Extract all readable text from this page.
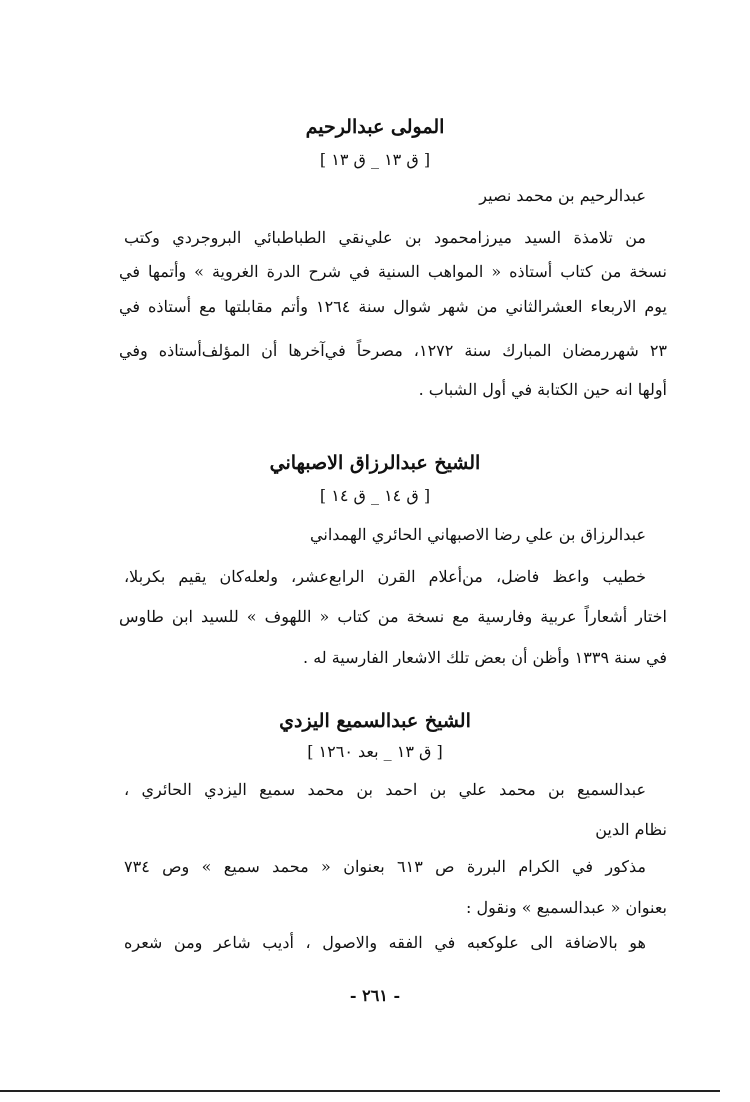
المولى عبدالرحيم
[ ق ١٣ _ ق ١٣ ]
عبدالرحيم بن محمد نصير
من تلامذة السيد ميرزامحمود بن علي‌نقي الطباطبائي البروجردي وكتب
نسخة من كتاب أستاذه « المواهب السنية في شرح الدرة الغروية » وأتمها في
يوم الاربعاء العشرالثاني من شهر شوال سنة ١٢٦٤ وأتم مقابلتها مع أستاذه في
٢٣ شهررمضان المبارك سنة ١٢٧٢، مصرحاً في‌آخرها أن المؤلف‌أستاذه وفي
أولها انه حين الكتابة في أول الشباب .
الشيخ عبدالرزاق الاصبهاني
[ ق ١٤ _ ق ١٤ ]
عبدالرزاق بن علي رضا الاصبهاني الحائري الهمداني
خطيب واعظ فاضل، من‌أعلام القرن الرابع‌عشر، ولعله‌كان يقيم بكربلا،
اختار أشعاراً عربية وفارسية مع نسخة من‌ كتاب « اللهوف » للسيد ابن طاوس
في سنة ١٣٣٩ وأظن أن بعض تلك الاشعار الفارسية له .
الشيخ عبدالسميع اليزدي
[ ق ١٣ _ بعد ١٢٦٠ ]
عبدالسميع بن محمد علي بن احمد بن محمد سميع اليزدي الحائري ،
نظام الدين
مذكور في الكرام البررة ص ٦١٣ بعنوان « محمد سميع » وص ٧٣٤
بعنوان « عبدالسميع » ونقول :
هو بالاضافة الى علوكعبه في الفقه والاصول ، أديب شاعر ومن شعره
- ٢٦١ -
